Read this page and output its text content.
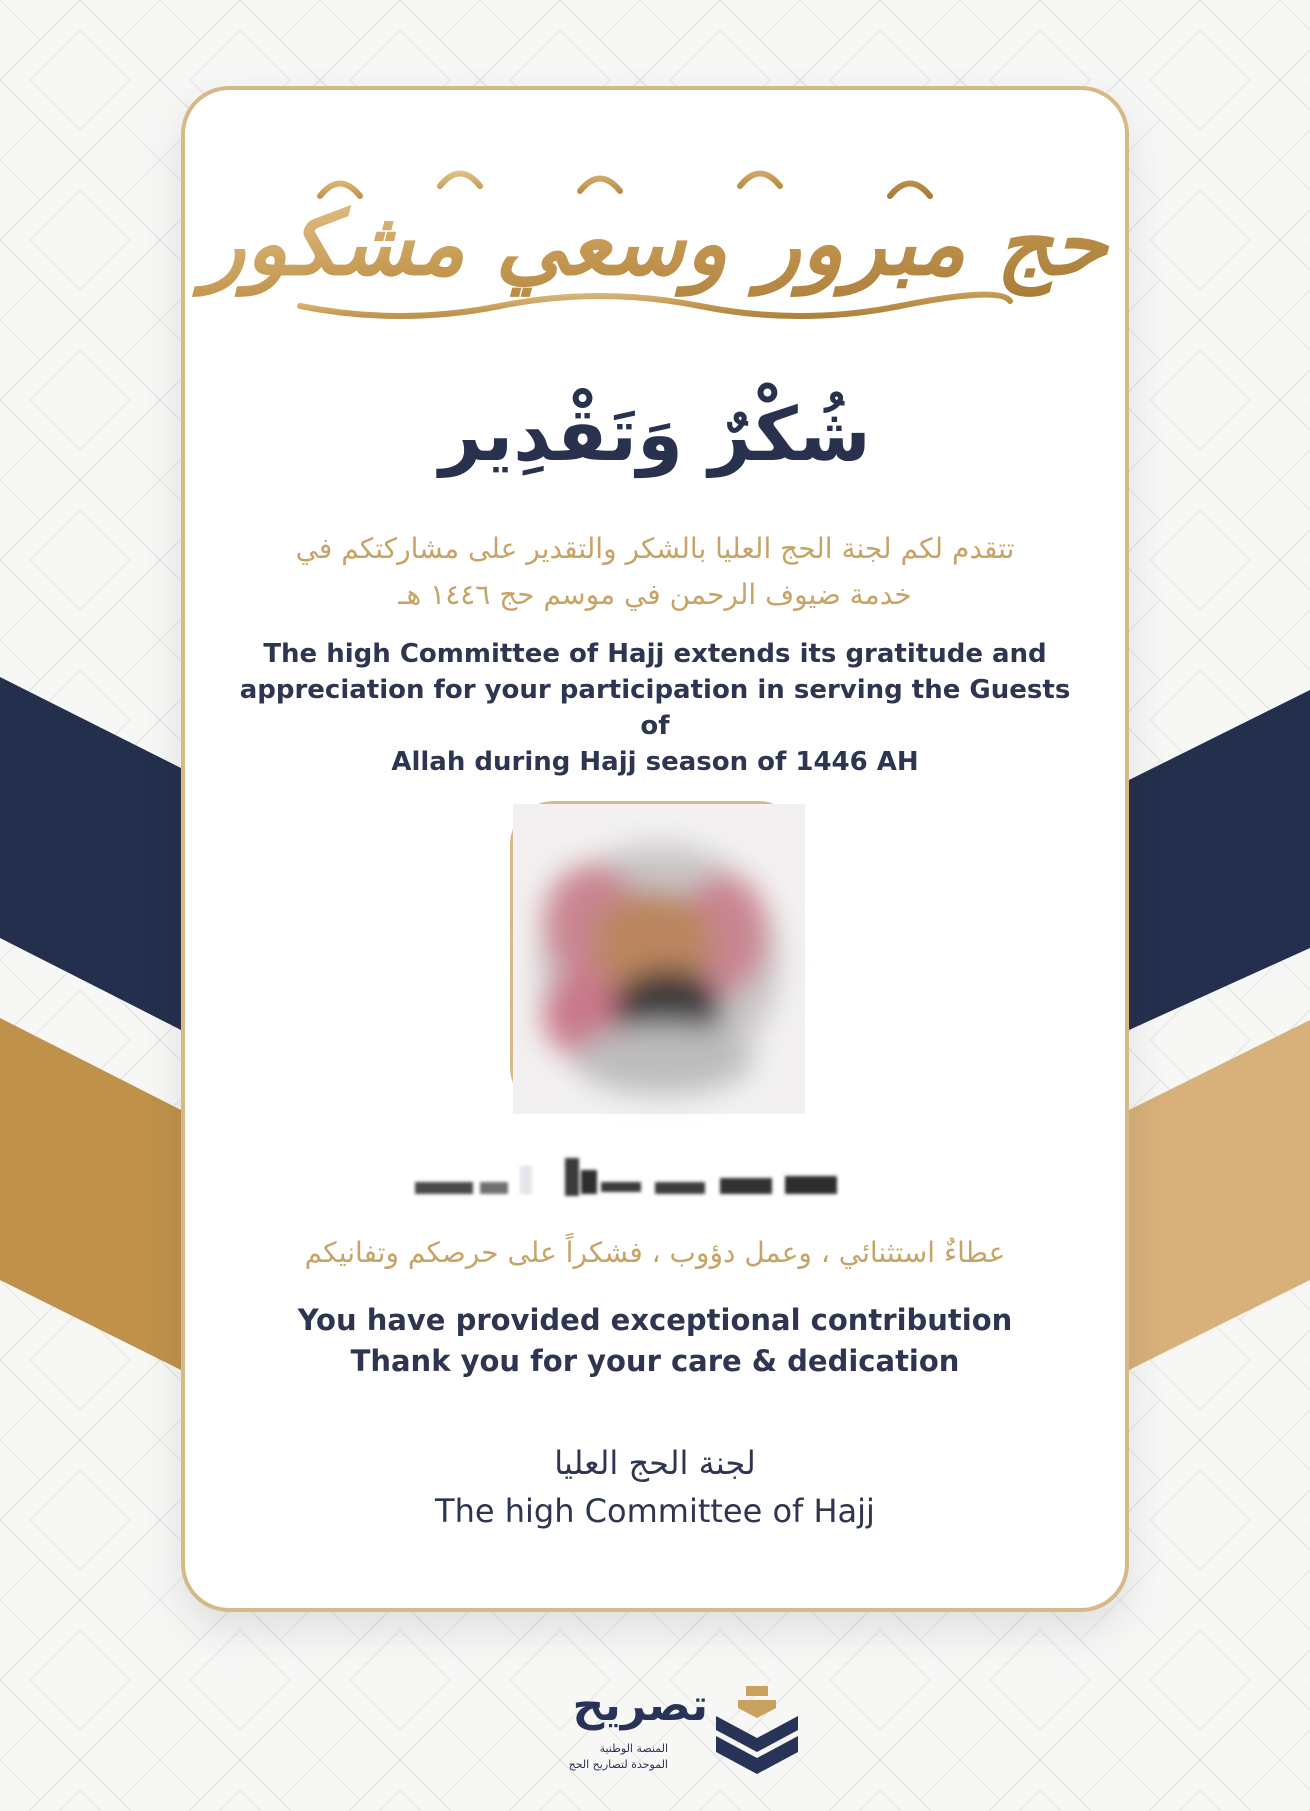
حج مبرور وسعي مشكور
شُكْرٌ وَتَقْدِير
تتقدم لكم لجنة الحج العليا بالشكر والتقدير على مشاركتكم في
خدمة ضيوف الرحمن في موسم حج ١٤٤٦ هـ
The high Committee of Hajj extends its gratitude and
appreciation for your participation in serving the Guests of
Allah during Hajj season of 1446 AH
عطاءٌ استثنائي ، وعمل دؤوب ، فشكراً على حرصكم وتفانيكم
You have provided exceptional contribution
Thank you for your care & dedication
لجنة الحج العليا
The high Committee of Hajj
تصريح
المنصة الوطنية
الموحدة لتصاريح الحج
